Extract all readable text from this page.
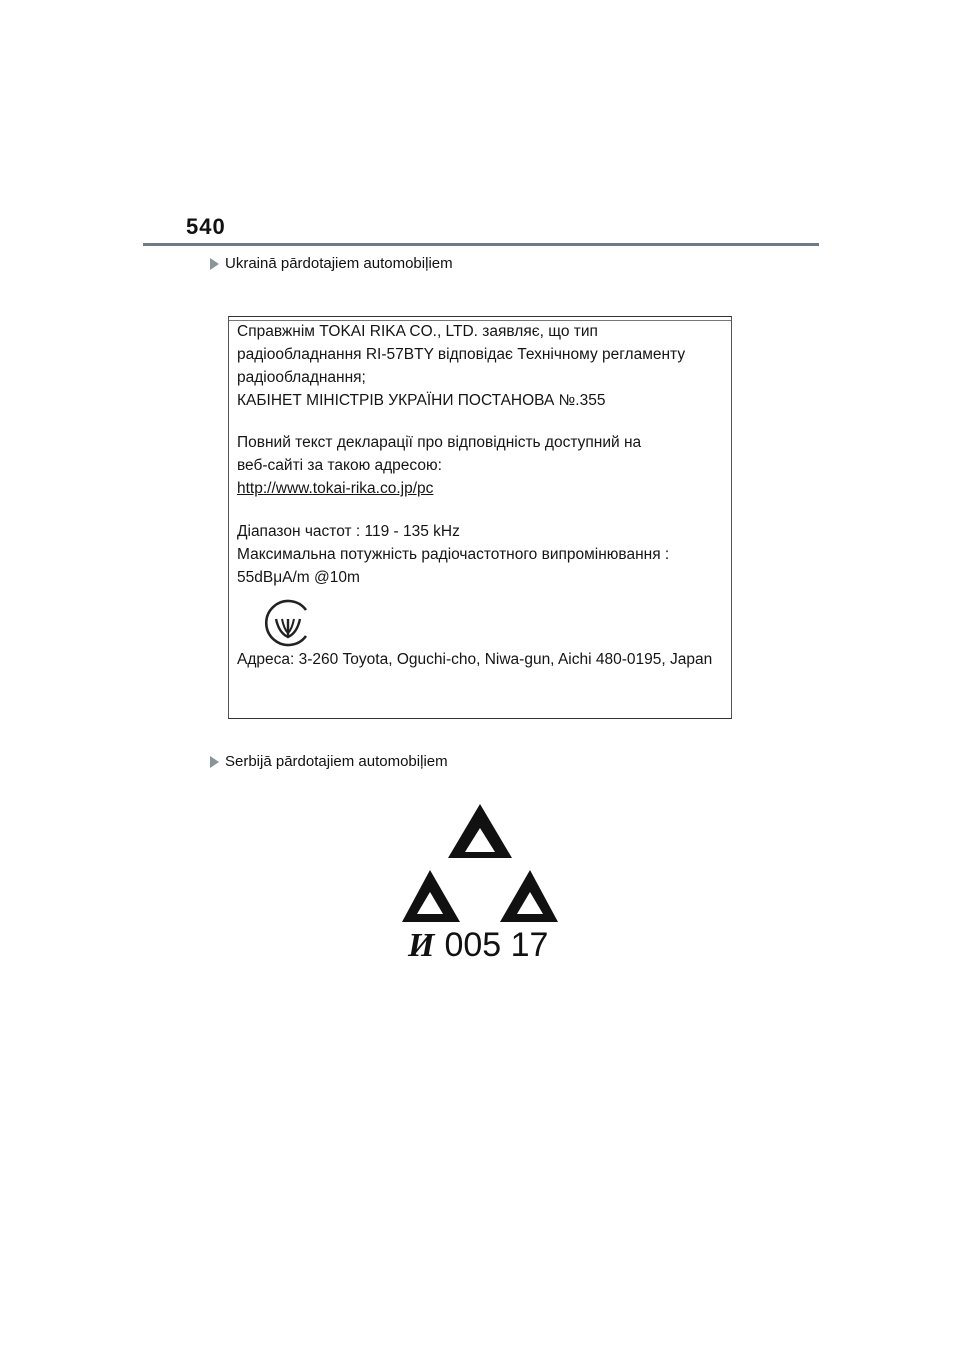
540
Ukrainā pārdotajiem automobiļiem

Справжнім TOKAI RIKA CO., LTD. заявляє, що тип
радіообладнання RI-57BTY відповідає Технічному регламенту
радіообладнання;
КАБІНЕТ МІНІСТРІВ УКРАЇНИ ПОСТАНОВА №.355

Повний текст декларації про відповідність доступний на
веб-сайті за такою адресою:
http://www.tokai-rika.co.jp/pc

Діапазон частот : 119 - 135 kHz
Максимальна потужність радіочастотного випромінювання :
55dBμA/m @10m

Адреса: 3-260 Toyota, Oguchi-cho, Niwa-gun, Aichi 480-0195, Japan

Serbijā pārdotajiem automobiļiem
И 005 17
